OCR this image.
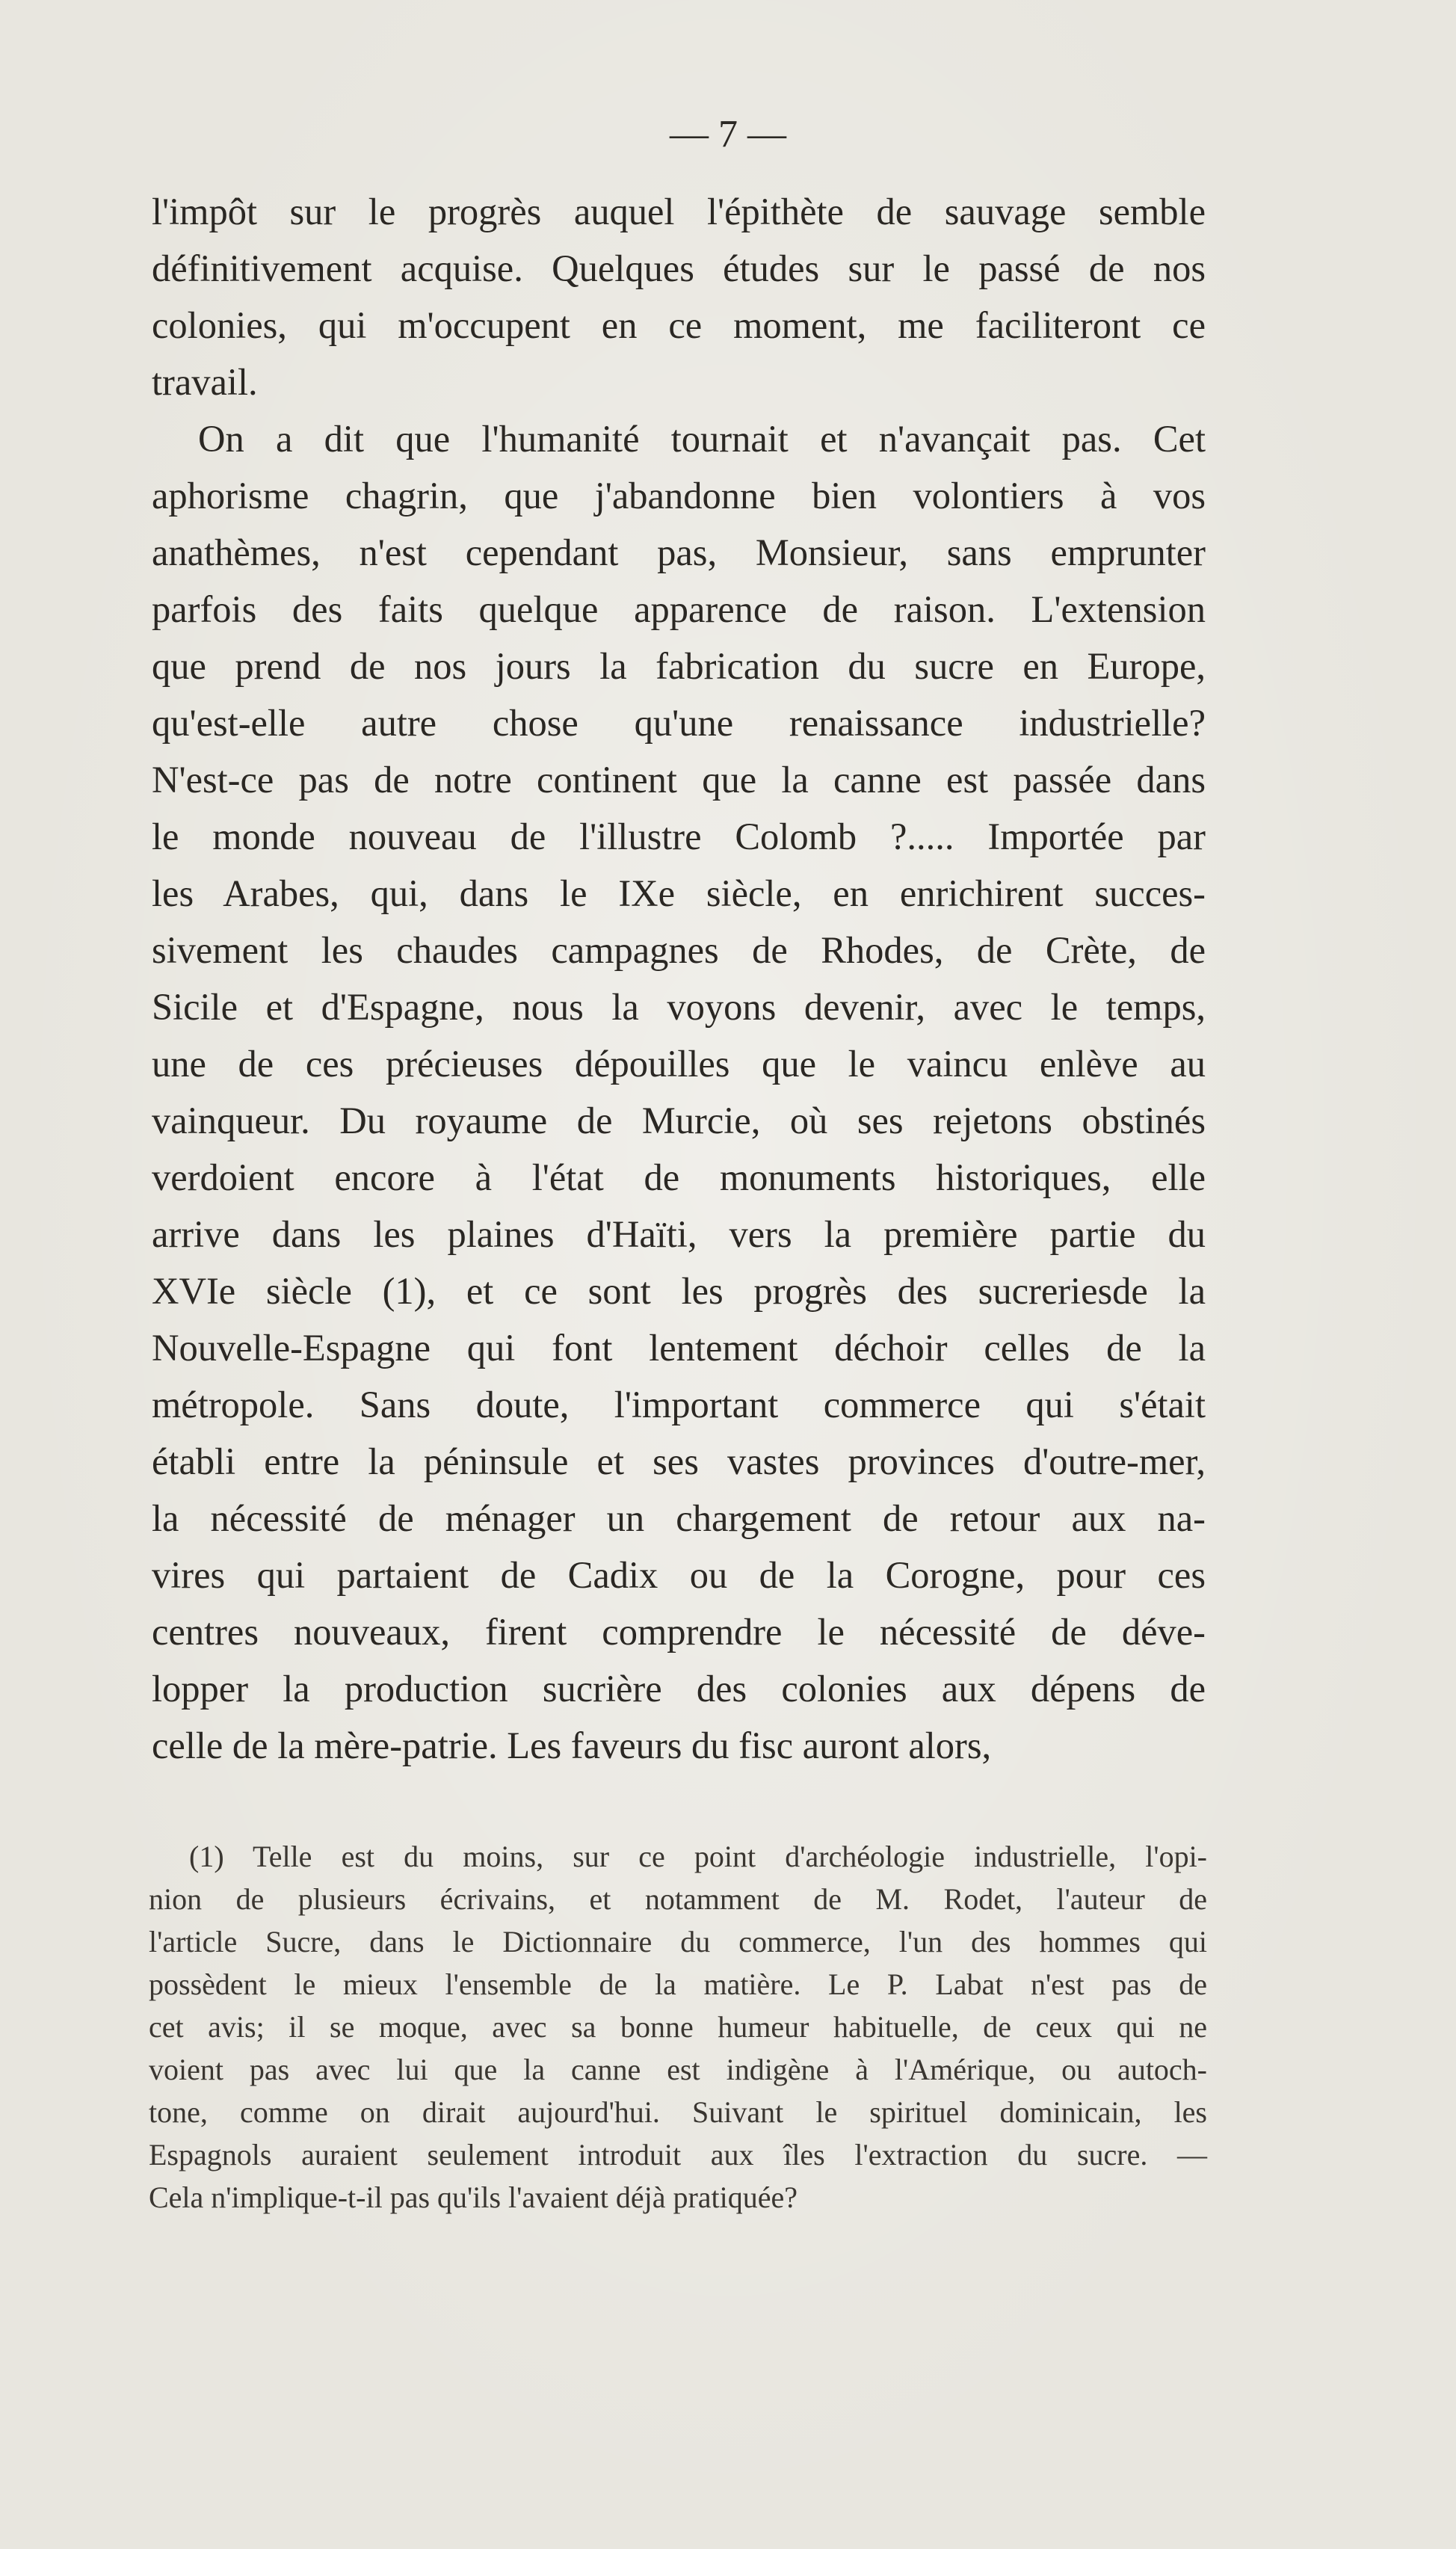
— 7 —
l'impôt sur le progrès auquel l'épithète de sauvage semble
définitivement acquise. Quelques études sur le passé de nos
colonies, qui m'occupent en ce moment, me faciliteront ce
travail.
On a dit que l'humanité tournait et n'avançait pas. Cet
aphorisme chagrin, que j'abandonne bien volontiers à vos
anathèmes, n'est cependant pas, Monsieur, sans emprunter
parfois des faits quelque apparence de raison. L'extension
que prend de nos jours la fabrication du sucre en Europe,
qu'est-elle autre chose qu'une renaissance industrielle?
N'est-ce pas de notre continent que la canne est passée dans
le monde nouveau de l'illustre Colomb ?..... Importée par
les Arabes, qui, dans le IXe siècle, en enrichirent succes-
sivement les chaudes campagnes de Rhodes, de Crète, de
Sicile et d'Espagne, nous la voyons devenir, avec le temps,
une de ces précieuses dépouilles que le vaincu enlève au
vainqueur. Du royaume de Murcie, où ses rejetons obstinés
verdoient encore à l'état de monuments historiques, elle
arrive dans les plaines d'Haïti, vers la première partie du
XVIe siècle (1), et ce sont les progrès des sucreriesde la
Nouvelle-Espagne qui font lentement déchoir celles de la
métropole. Sans doute, l'important commerce qui s'était
établi entre la péninsule et ses vastes provinces d'outre-mer,
la nécessité de ménager un chargement de retour aux na-
vires qui partaient de Cadix ou de la Corogne, pour ces
centres nouveaux, firent comprendre le nécessité de déve-
lopper la production sucrière des colonies aux dépens de
celle de la mère-patrie. Les faveurs du fisc auront alors,
(1) Telle est du moins, sur ce point d'archéologie industrielle, l'opi-
nion de plusieurs écrivains, et notamment de M. Rodet, l'auteur de
l'article Sucre, dans le Dictionnaire du commerce, l'un des hommes qui
possèdent le mieux l'ensemble de la matière. Le P. Labat n'est pas de
cet avis; il se moque, avec sa bonne humeur habituelle, de ceux qui ne
voient pas avec lui que la canne est indigène à l'Amérique, ou autoch-
tone, comme on dirait aujourd'hui. Suivant le spirituel dominicain, les
Espagnols auraient seulement introduit aux îles l'extraction du sucre. —
Cela n'implique-t-il pas qu'ils l'avaient déjà pratiquée?
